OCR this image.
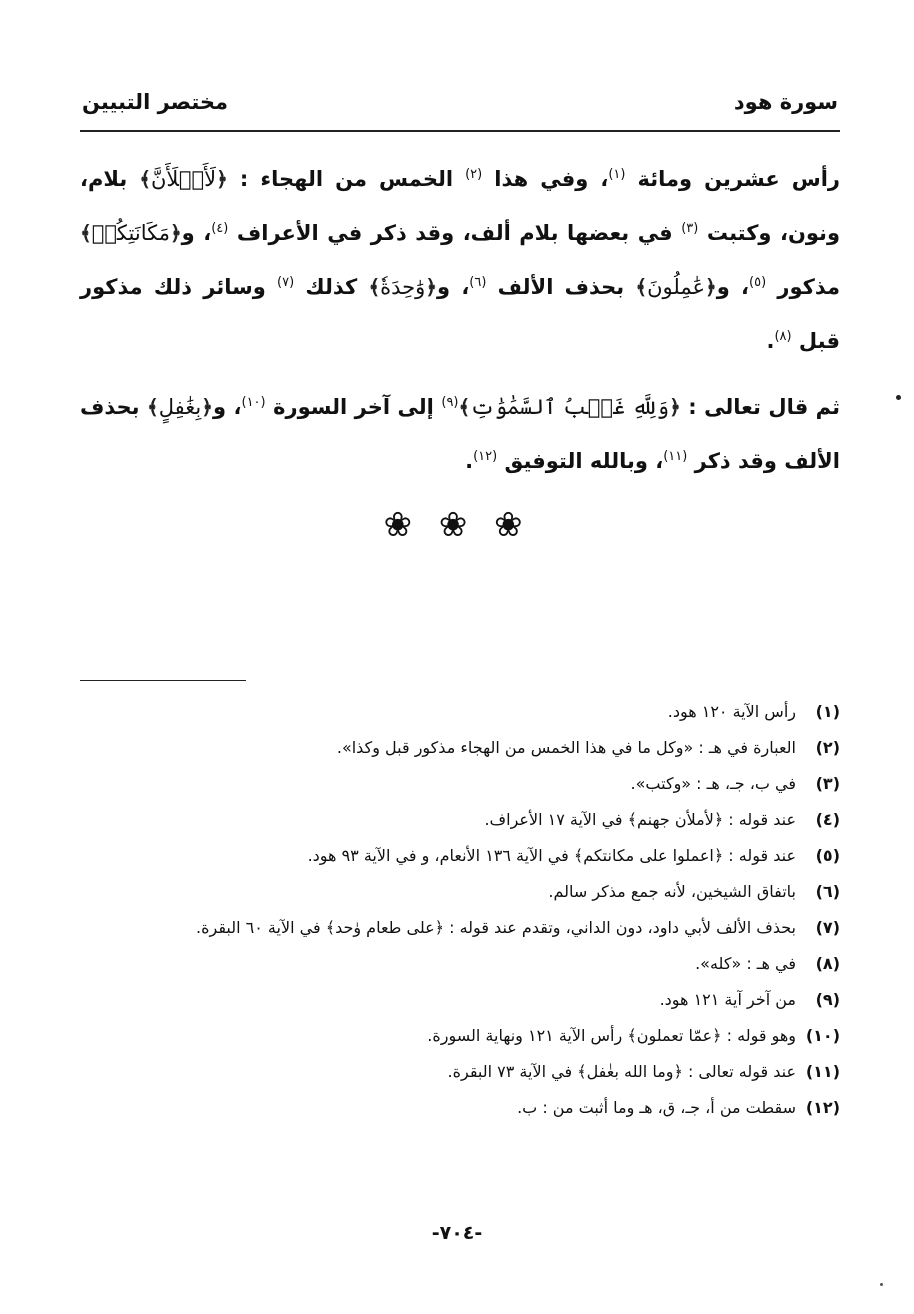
سورة هود
مختصر التبيين

رأس عشرين ومائة $^{(١)}$، وفي هذا $^{(٢)}$ الخمس من الهجاء : ﴿لَأَمۡلَأَنَّ﴾ بلام، ونون، وكتبت $^{(٣)}$ في بعضها بلام ألف، وقد ذكر في الأعراف $^{(٤)}$، و﴿مَكَانَتِكُمۡ﴾ مذكور $^{(٥)}$، و﴿عَٰمِلُونَ﴾ بحذف الألف $^{(٦)}$، و﴿وَٰحِدَةٗ﴾ كذلك $^{(٧)}$ وسائر ذلك مذكور قبل $^{(٨)}$.

ثم قال تعالى : ﴿وَلِلَّهِ غَيۡبُ ٱلسَّمَٰوَٰتِ﴾$^{(٩)}$ إلى آخر السورة $^{(١٠)}$، و﴿بِغَٰفِلٍ﴾ بحذف الألف وقد ذكر $^{(١١)}$، وبالله التوفيق $^{(١٢)}$.

❀ ❀ ❀
(١)
رأس الآية ١٢٠ هود.
(٢)
العبارة في هـ : «وكل ما في هذا الخمس من الهجاء مذكور قبل وكذا».
(٣)
في ب، جـ، هـ : «وكتب».
(٤)
عند قوله : ﴿لأملأن جهنم﴾ في الآية ١٧ الأعراف.
(٥)
عند قوله : ﴿اعملوا على مكانتكم﴾ في الآية ١٣٦ الأنعام، و في الآية ٩٣ هود.
(٦)
باتفاق الشيخين، لأنه جمع مذكر سالم.
(٧)
بحذف الألف لأبي داود، دون الداني، وتقدم عند قوله : ﴿على طعام وٰحد﴾ في الآية ٦٠ البقرة.
(٨)
في هـ : «كله».
(٩)
من آخر آية ١٢١ هود.
(١٠)
وهو قوله : ﴿عمّا تعملون﴾ رأس الآية ١٢١ ونهاية السورة.
(١١)
عند قوله تعالى : ﴿وما الله بغٰفل﴾ في الآية ٧٣ البقرة.
(١٢)
سقطت من أ، جـ، ق، هـ وما أثبت من : ب.
-٧٠٤-
